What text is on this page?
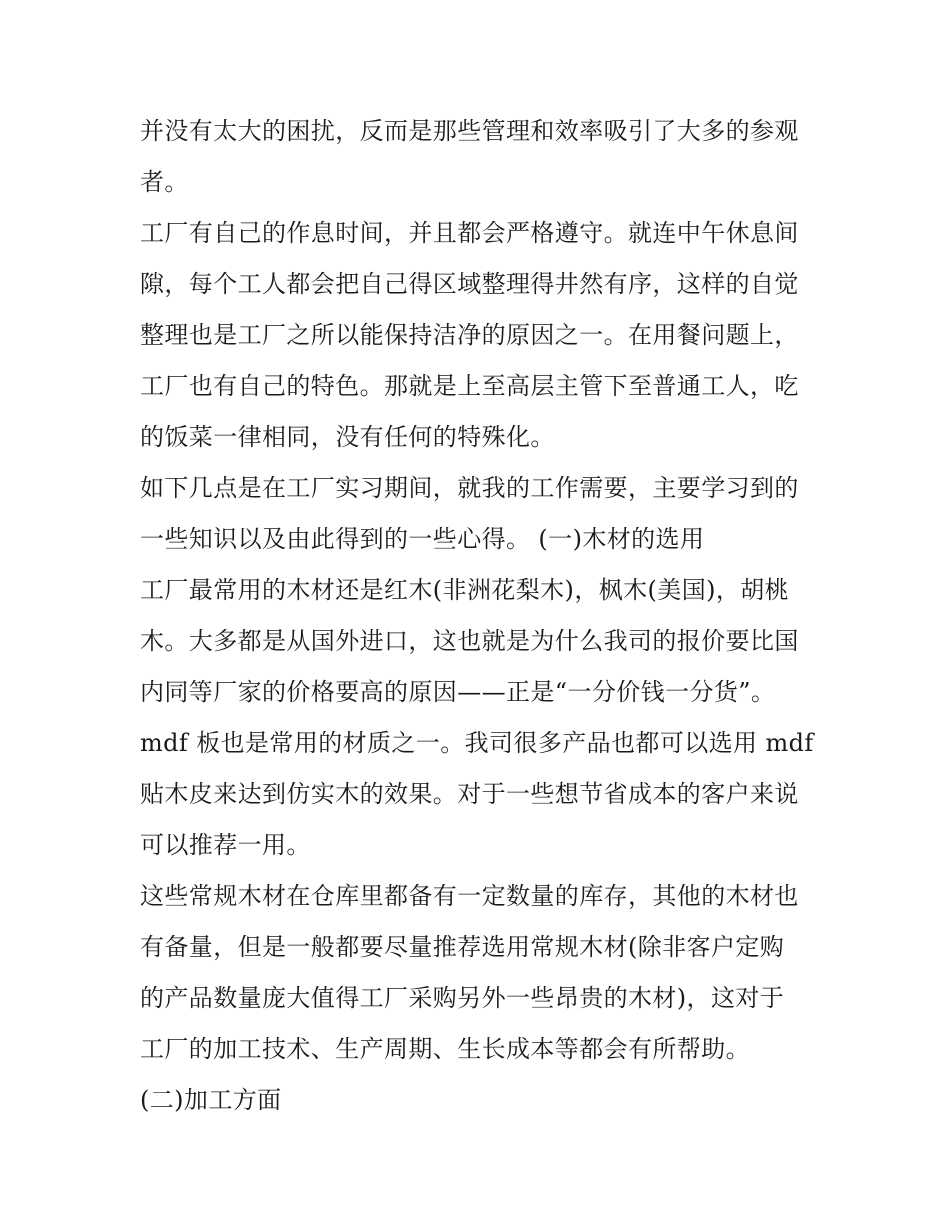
并没有太大的困扰，反而是那些管理和效率吸引了大多的参观
者。
工厂有自己的作息时间，并且都会严格遵守。就连中午休息间
隙，每个工人都会把自己得区域整理得井然有序，这样的自觉
整理也是工厂之所以能保持洁净的原因之一。在用餐问题上，
工厂也有自己的特色。那就是上至高层主管下至普通工人，吃
的饭菜一律相同，没有任何的特殊化。
如下几点是在工厂实习期间，就我的工作需要，主要学习到的
一些知识以及由此得到的一些心得。 (一)木材的选用
工厂最常用的木材还是红木(非洲花梨木)，枫木(美国)，胡桃
木。大多都是从国外进口，这也就是为什么我司的报价要比国
内同等厂家的价格要高的原因——正是“一分价钱一分货”。
mdf 板也是常用的材质之一。我司很多产品也都可以选用 mdf
贴木皮来达到仿实木的效果。对于一些想节省成本的客户来说
可以推荐一用。
这些常规木材在仓库里都备有一定数量的库存，其他的木材也
有备量，但是一般都要尽量推荐选用常规木材(除非客户定购
的产品数量庞大值得工厂采购另外一些昂贵的木材)，这对于
工厂的加工技术、生产周期、生长成本等都会有所帮助。
(二)加工方面
